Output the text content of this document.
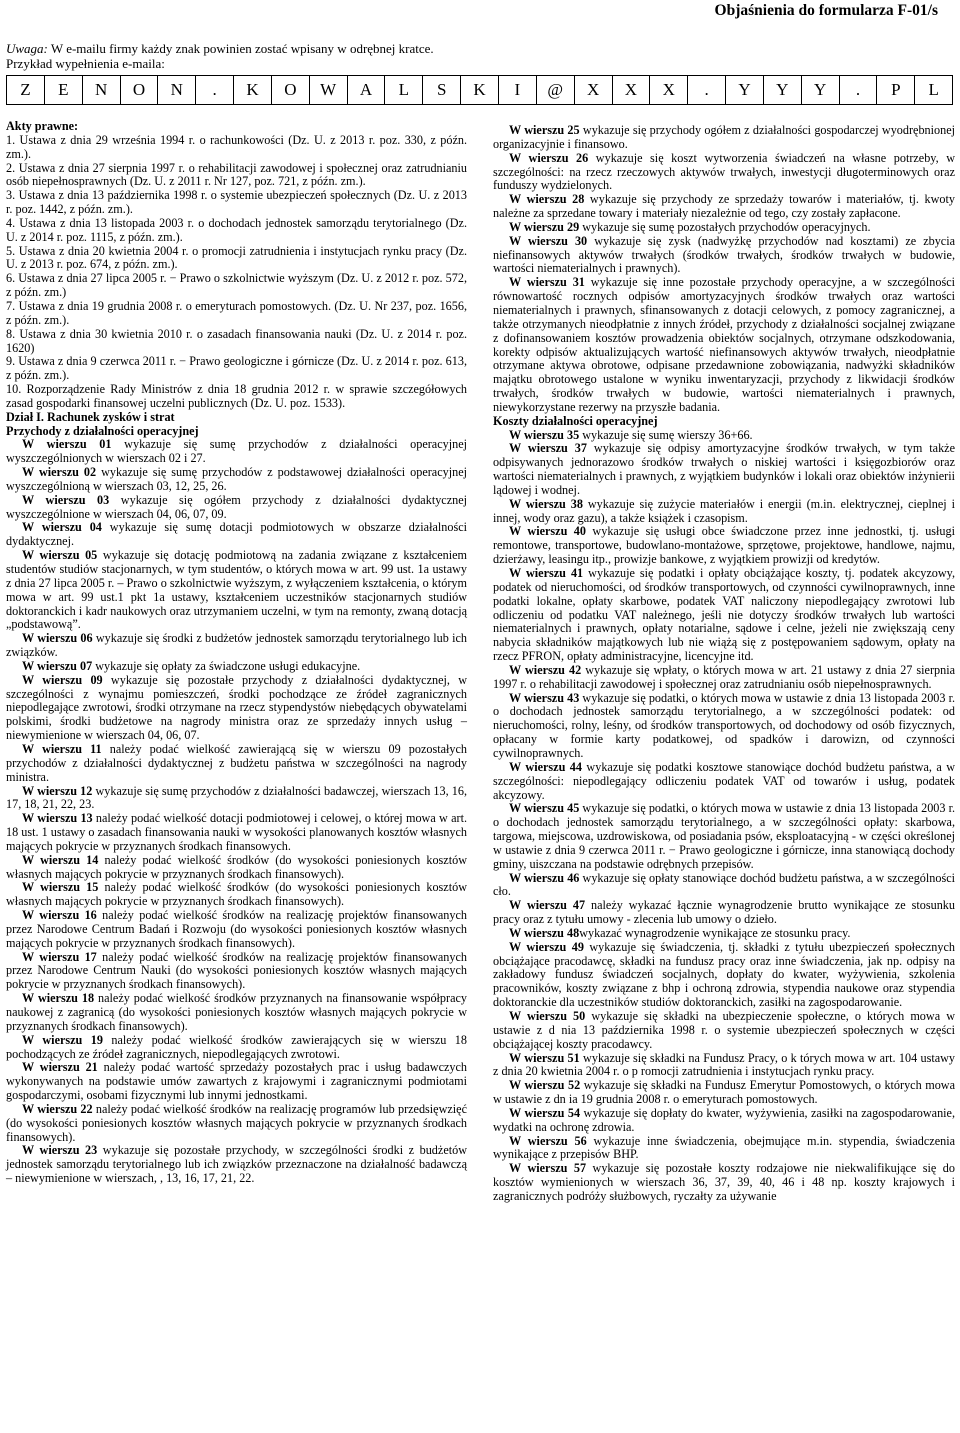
Objaśnienia do formularza F-01/s
Uwaga: W e-mailu firmy każdy znak powinien zostać wpisany w odrębnej kratce.
Przykład wypełnienia e-maila:
Z	E	N	O	N	.	K	O	W	A	L	S	K	I	@	X	X	X	.	Y	Y	Y	.	P	L

Akty prawne:

1. Ustawa z dnia 29 września 1994 r. o rachunkowości (Dz. U. z 2013 r. poz. 330, z późn. zm.).

2. Ustawa z dnia 27 sierpnia 1997 r. o rehabilitacji zawodowej i społecznej oraz zatrudnianiu osób niepełnosprawnych (Dz. U. z 2011 r. Nr 127, poz. 721, z późn. zm.).

3. Ustawa z dnia 13 października 1998 r. o systemie ubezpieczeń społecznych (Dz. U. z 2013 r. poz. 1442, z późn. zm.).

4. Ustawa z dnia 13 listopada 2003 r. o dochodach jednostek samorządu terytorialnego (Dz. U. z 2014 r. poz. 1115, z późn. zm.).

5. Ustawa z dnia 20 kwietnia 2004 r. o promocji zatrudnienia i instytucjach rynku pracy (Dz. U. z 2013 r. poz. 674, z późn. zm.).

6. Ustawa z dnia 27 lipca 2005 r. − Prawo o szkolnictwie wyższym (Dz. U. z 2012 r. poz. 572, z późn. zm.)

7. Ustawa z dnia 19 grudnia 2008 r. o emeryturach pomostowych. (Dz. U. Nr 237, poz. 1656, z późn. zm.).

8. Ustawa z dnia 30 kwietnia 2010 r. o zasadach finansowania nauki (Dz. U. z 2014 r. poz. 1620)

9. Ustawa z dnia 9 czerwca 2011 r. − Prawo geologiczne i górnicze (Dz. U. z 2014 r. poz. 613, z późn. zm.).

10. Rozporządzenie Rady Ministrów z dnia 18 grudnia 2012 r. w sprawie szczegółowych zasad gospodarki finansowej uczelni publicznych (Dz. U. poz. 1533).

Dział I. Rachunek zysków i strat

Przychody z działalności operacyjnej

W wierszu 01 wykazuje się sumę przychodów z działalności operacyjnej wyszczególnionych w wierszach 02 i 27.

W wierszu 02 wykazuje się sumę przychodów z podstawowej działalności operacyjnej wyszczególnioną w wierszach 03, 12, 25, 26.

W wierszu 03 wykazuje się ogółem przychody z działalności dydaktycznej wyszczególnione w wierszach 04, 06, 07, 09.

W wierszu 04 wykazuje się sumę dotacji podmiotowych w obszarze działalności dydaktycznej.

W wierszu 05 wykazuje się dotację podmiotową na zadania związane z kształceniem studentów studiów stacjonarnych, w tym studentów, o których mowa w art. 99 ust. 1a ustawy z dnia 27 lipca 2005 r. – Prawo o szkolnictwie wyższym, z wyłączeniem kształcenia, o którym mowa w art. 99 ust.1 pkt 1a ustawy, kształceniem uczestników stacjonarnych studiów doktoranckich i kadr naukowych oraz utrzymaniem uczelni, w tym na remonty, zwaną dotacją „podstawową”.

W wierszu 06 wykazuje się środki z budżetów jednostek samorządu terytorialnego lub ich związków.

W wierszu 07 wykazuje się opłaty za świadczone usługi edukacyjne.

W wierszu 09 wykazuje się pozostałe przychody z działalności dydaktycznej, w szczególności z wynajmu pomieszczeń, środki pochodzące ze źródeł zagranicznych niepodlegające zwrotowi, środki otrzymane na rzecz stypendystów niebędących obywatelami polskimi, środki budżetowe na nagrody ministra oraz ze sprzedaży innych usług – niewymienione w wierszach 04, 06, 07.

W wierszu 11 należy podać wielkość zawierającą się w wierszu 09 pozostałych przychodów z działalności dydaktycznej z budżetu państwa w szczególności na nagrody ministra.

W wierszu 12 wykazuje się sumę przychodów z działalności badawczej, wierszach 13, 16, 17, 18, 21, 22, 23.

W wierszu 13 należy podać wielkość dotacji podmiotowej i celowej, o której mowa w art. 18 ust. 1 ustawy o zasadach finansowania nauki w wysokości planowanych kosztów własnych mających pokrycie w przyznanych środkach finansowych.

W wierszu 14 należy podać wielkość środków (do wysokości poniesionych kosztów własnych mających pokrycie w przyznanych środkach finansowych).

W wierszu 15 należy podać wielkość środków (do wysokości poniesionych kosztów własnych mających pokrycie w przyznanych środkach finansowych).

W wierszu 16 należy podać wielkość środków na realizację projektów finansowanych przez Narodowe Centrum Badań i Rozwoju (do wysokości poniesionych kosztów własnych mających pokrycie w przyznanych środkach finansowych).

W wierszu 17 należy podać wielkość środków na realizację projektów finansowanych przez Narodowe Centrum Nauki (do wysokości poniesionych kosztów własnych mających pokrycie w przyznanych środkach finansowych).

W wierszu 18 należy podać wielkość środków przyznanych na finansowanie współpracy naukowej z zagranicą (do wysokości poniesionych kosztów własnych mających pokrycie w przyznanych środkach finansowych).

W wierszu 19 należy podać wielkość środków zawierających się w wierszu 18 pochodzących ze źródeł zagranicznych, niepodlegających zwrotowi.

W wierszu 21 należy podać wartość sprzedaży pozostałych prac i usług badawczych wykonywanych na podstawie umów zawartych z krajowymi i zagranicznymi podmiotami gospodarczymi, osobami fizycznymi lub innymi jednostkami.

W wierszu 22 należy podać wielkość środków na realizację programów lub przedsięwzięć (do wysokości poniesionych kosztów własnych mających pokrycie w przyznanych środkach finansowych).

W wierszu 23 wykazuje się pozostałe przychody, w szczególności środki z budżetów jednostek samorządu terytorialnego lub ich związków przeznaczone na działalność badawczą – niewymienione w wierszach, , 13, 16, 17, 21, 22.

W wierszu 25 wykazuje się przychody ogółem z działalności gospodarczej wyodrębnionej organizacyjnie i finansowo.

W wierszu 26 wykazuje się koszt wytworzenia świadczeń na własne potrzeby, w szczególności: na rzecz rzeczowych aktywów trwałych, inwestycji długoterminowych oraz funduszy wydzielonych.

W wierszu 28 wykazuje się przychody ze sprzedaży towarów i materiałów, tj. kwoty należne za sprzedane towary i materiały niezależnie od tego, czy zostały zapłacone.

W wierszu 29 wykazuje się sumę pozostałych przychodów operacyjnych.

W wierszu 30 wykazuje się zysk (nadwyżkę przychodów nad kosztami) ze zbycia niefinansowych aktywów trwałych (środków trwałych, środków trwałych w budowie, wartości niematerialnych i prawnych).

W wierszu 31 wykazuje się inne pozostałe przychody operacyjne, a w szczególności równowartość rocznych odpisów amortyzacyjnych środków trwałych oraz wartości niematerialnych i prawnych, sfinansowanych z dotacji celowych, z pomocy zagranicznej, a także otrzymanych nieodpłatnie z innych źródeł, przychody z działalności socjalnej związane z dofinansowaniem kosztów prowadzenia obiektów socjalnych, otrzymane odszkodowania, korekty odpisów aktualizujących wartość niefinansowych aktywów trwałych, nieodpłatnie otrzymane aktywa obrotowe, odpisane przedawnione zobowiązania, nadwyżki składników majątku obrotowego ustalone w wyniku inwentaryzacji, przychody z likwidacji środków trwałych, środków trwałych w budowie, wartości niematerialnych i prawnych, niewykorzystane rezerwy na przyszłe badania.

Koszty działalności operacyjnej

W wierszu 35 wykazuje się sumę wierszy 36+66.

W wierszu 37 wykazuje się odpisy amortyzacyjne środków trwałych, w tym także odpisywanych jednorazowo środków trwałych o niskiej wartości i księgozbiorów oraz wartości niematerialnych i prawnych, z wyjątkiem budynków i lokali oraz obiektów inżynierii lądowej i wodnej.

W wierszu 38 wykazuje się zużycie materiałów i energii (m.in. elektrycznej, cieplnej i innej, wody oraz gazu), a także książek i czasopism.

W wierszu 40 wykazuje się usługi obce świadczone przez inne jednostki, tj. usługi remontowe, transportowe, budowlano-montażowe, sprzętowe, projektowe, handlowe, najmu, dzierżawy, leasingu itp., prowizje bankowe, z wyjątkiem prowizji od kredytów.

W wierszu 41 wykazuje się podatki i opłaty obciążające koszty, tj. podatek akcyzowy, podatek od nieruchomości, od środków transportowych, od czynności cywilnoprawnych, inne podatki lokalne, opłaty skarbowe, podatek VAT naliczony niepodlegający zwrotowi lub odliczeniu od podatku VAT należnego, jeśli nie dotyczy środków trwałych lub wartości niematerialnych i prawnych, opłaty notarialne, sądowe i celne, jeżeli nie zwiększają ceny nabycia składników majątkowych lub nie wiążą się z postępowaniem sądowym, opłaty na rzecz PFRON, opłaty administracyjne, licencyjne itd.

W wierszu 42 wykazuje się wpłaty, o których mowa w art. 21 ustawy z dnia 27 sierpnia 1997 r. o rehabilitacji zawodowej i społecznej oraz zatrudnianiu osób niepełnosprawnych.

W wierszu 43 wykazuje się podatki, o których mowa w ustawie z dnia 13 listopada 2003 r. o dochodach jednostek samorządu terytorialnego, a w szczególności podatek: od nieruchomości, rolny, leśny, od środków transportowych, od dochodowy od osób fizycznych, opłacany w formie karty podatkowej, od spadków i darowizn, od czynności cywilnoprawnych.

W wierszu 44 wykazuje się podatki kosztowe stanowiące dochód budżetu państwa, a w szczególności: niepodlegający odliczeniu podatek VAT od towarów i usług, podatek akcyzowy.

W wierszu 45 wykazuje się podatki, o których mowa w ustawie z dnia 13 listopada 2003 r. o dochodach jednostek samorządu terytorialnego, a w szczególności opłaty: skarbowa, targowa, miejscowa, uzdrowiskowa, od posiadania psów, eksploatacyjną - w części określonej w ustawie z dnia 9 czerwca 2011 r. − Prawo geologiczne i górnicze, inna stanowiącą dochody gminy, uiszczana na podstawie odrębnych przepisów.

W wierszu 46 wykazuje się opłaty stanowiące dochód budżetu państwa, a w szczególności cło.

W wierszu 47 należy wykazać łącznie wynagrodzenie brutto wynikające ze stosunku pracy oraz z tytułu umowy - zlecenia lub umowy o dzieło.

W wierszu 48wykazać wynagrodzenie wynikające ze stosunku pracy.

W wierszu 49 wykazuje się świadczenia, tj. składki z tytułu ubezpieczeń społecznych obciążające pracodawcę, składki na fundusz pracy oraz inne świadczenia, jak np. odpisy na zakładowy fundusz świadczeń socjalnych, dopłaty do kwater, wyżywienia, szkolenia pracowników, koszty związane z bhp i ochroną zdrowia, stypendia naukowe oraz stypendia doktoranckie dla uczestników studiów doktoranckich, zasiłki na zagospodarowanie.

W wierszu 50 wykazuje się składki na ubezpieczenie społeczne, o których mowa w ustawie z d nia 13 października 1998 r. o systemie ubezpieczeń społecznych w części obciążającej koszty pracodawcy.

W wierszu 51 wykazuje się składki na Fundusz Pracy, o k tórych mowa w art. 104 ustawy z dnia 20 kwietnia 2004 r. o p romocji zatrudnienia i instytucjach rynku pracy.

W wierszu 52 wykazuje się składki na Fundusz Emerytur Pomostowych, o których mowa w ustawie z dn ia 19 grudnia 2008 r. o emeryturach pomostowych.

W wierszu 54 wykazuje się dopłaty do kwater, wyżywienia, zasiłki na zagospodarowanie, wydatki na ochronę zdrowia.

W wierszu 56 wykazuje inne świadczenia, obejmujące m.in. stypendia, świadczenia wynikające z przepisów BHP.

W wierszu 57 wykazuje się pozostałe koszty rodzajowe nie niekwalifikujące się do kosztów wymienionych w wierszach 36, 37, 39, 40, 46 i 48 np. koszty krajowych i zagranicznych podróży służbowych, ryczałty za używanie
